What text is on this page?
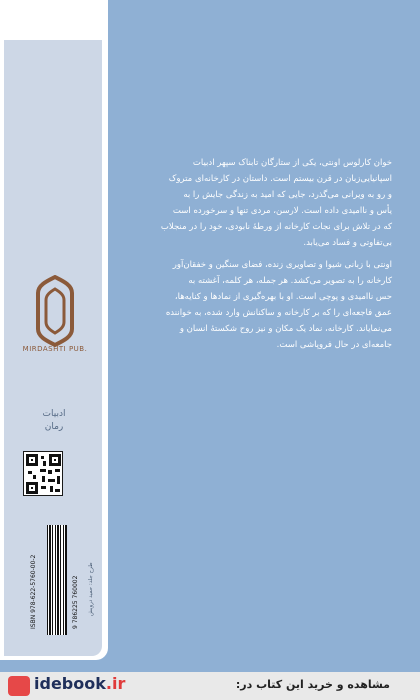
MIRDASHTI PUB.
ادبیات
رمان
ISBN 978-622-5760-00-2	9 786225 760002 طرح جلد: حمید درویش

خوان کارلوس اونتی، یکی از ستارگان تابناک سپهر ادبیات

اسپانیایی‌زبان در قرن بیستم است. داستان در کارخانه‌ای متروک

و رو به ویرانی می‌گذرد، جایی که امید به زندگی جایش را به

یأس و ناامیدی داده است. لارسن، مردی تنها و سرخورده است

که در تلاش برای نجات کارخانه از ورطهٔ نابودی، خود را در منجلاب

بی‌تفاوتی و فساد می‌یابد.

اونتی با زبانی شیوا و تصاویری زنده، فضای سنگین و خفقان‌آور

کارخانه را به تصویر می‌کشد. هر جمله، هر کلمه، آغشته به

حس ناامیدی و پوچی است. او با بهره‌گیری از نمادها و کنایه‌ها،

عمق فاجعه‌ای را که بر کارخانه و ساکنانش وارد شده، به خواننده

می‌نمایاند. کارخانه، نماد یک مکان و نیز روح شکستهٔ انسان و

جامعه‌ای در حال فروپاشی است.

idebook.ir	مشاهده و خرید این کتاب در:
